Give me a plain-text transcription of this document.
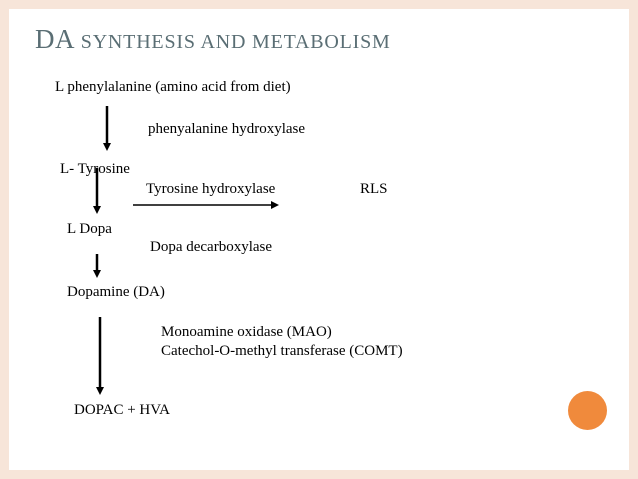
DA SYNTHESIS AND METABOLISM
L phenylalanine (amino acid from diet)
phenyalanine hydroxylase
L- Tyrosine
Tyrosine hydroxylase	RLS
L Dopa
Dopa decarboxylase
Dopamine (DA)
Monoamine oxidase (MAO)
Catechol-O-methyl transferase (COMT)
DOPAC + HVA
